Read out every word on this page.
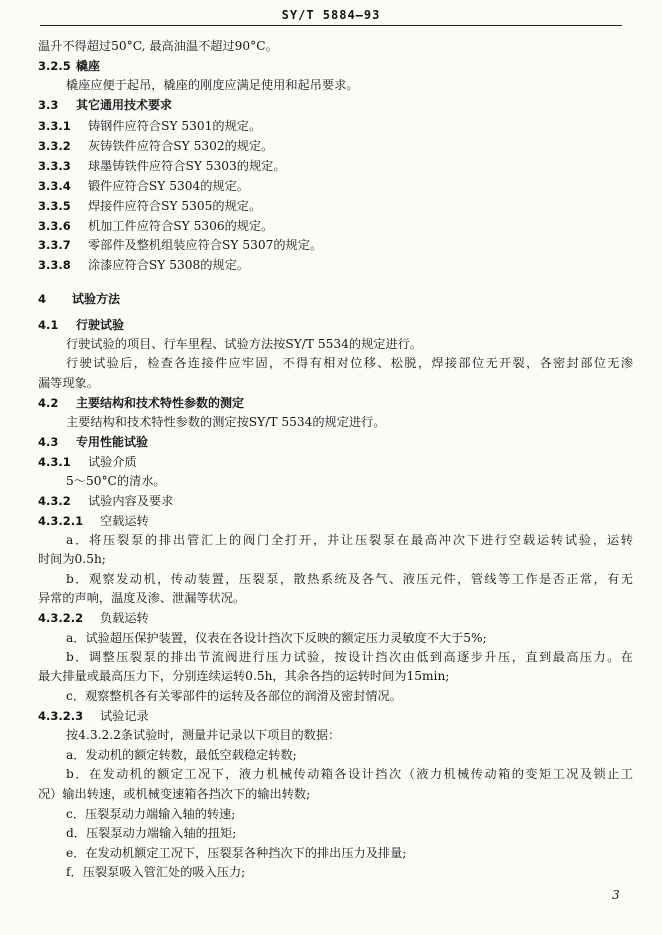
SY/T 5884—93
温升不得超过50°C, 最高油温不超过90°C。
3.2.5 橇座
橇座应便于起吊，橇座的刚度应满足使用和起吊要求。
3.3 其它通用技术要求
3.3.1 铸钢件应符合SY 5301的规定。
3.3.2 灰铸铁件应符合SY 5302的规定。
3.3.3 球墨铸铁件应符合SY 5303的规定。
3.3.4 锻件应符合SY 5304的规定。
3.3.5 焊接件应符合SY 5305的规定。
3.3.6 机加工件应符合SY 5306的规定。
3.3.7 零部件及整机组装应符合SY 5307的规定。
3.3.8 涂漆应符合SY 5308的规定。
4 试验方法
4.1 行驶试验
行驶试验的项目、行车里程、试验方法按SY/T 5534的规定进行。
行驶试验后，检查各连接件应牢固，不得有相对位移、松脱，焊接部位无开裂，各密封部位无渗
漏等现象。
4.2 主要结构和技术特性参数的测定
主要结构和技术特性参数的测定按SY/T 5534的规定进行。
4.3 专用性能试验
4.3.1 试验介质
5～50°C的清水。
4.3.2 试验内容及要求
4.3.2.1 空载运转
a．将压裂泵的排出管汇上的阀门全打开，并让压裂泵在最高冲次下进行空载运转试验，运转
时间为0.5h;
b．观察发动机，传动装置，压裂泵，散热系统及各气、液压元件，管线等工作是否正常，有无
异常的声响，温度及渗、泄漏等状况。
4.3.2.2 负载运转
a．试验超压保护装置，仪表在各设计挡次下反映的额定压力灵敏度不大于5%;
b．调整压裂泵的排出节流阀进行压力试验，按设计挡次由低到高逐步升压，直到最高压力。在
最大排量或最高压力下，分别连续运转0.5h，其余各挡的运转时间为15min;
c．观察整机各有关零部件的运转及各部位的润滑及密封情况。
4.3.2.3 试验记录
按4.3.2.2条试验时，测量并记录以下项目的数据：
a．发动机的额定转数，最低空载稳定转数;
b．在发动机的额定工况下，液力机械传动箱各设计挡次（液力机械传动箱的变矩工况及锁止工
况）输出转速，或机械变速箱各挡次下的输出转数;
c．压裂泵动力端输入轴的转速;
d．压裂泵动力端输入轴的扭矩;
e．在发动机额定工况下，压裂泵各种挡次下的排出压力及排量;
f．压裂泵吸入管汇处的吸入压力;
3
